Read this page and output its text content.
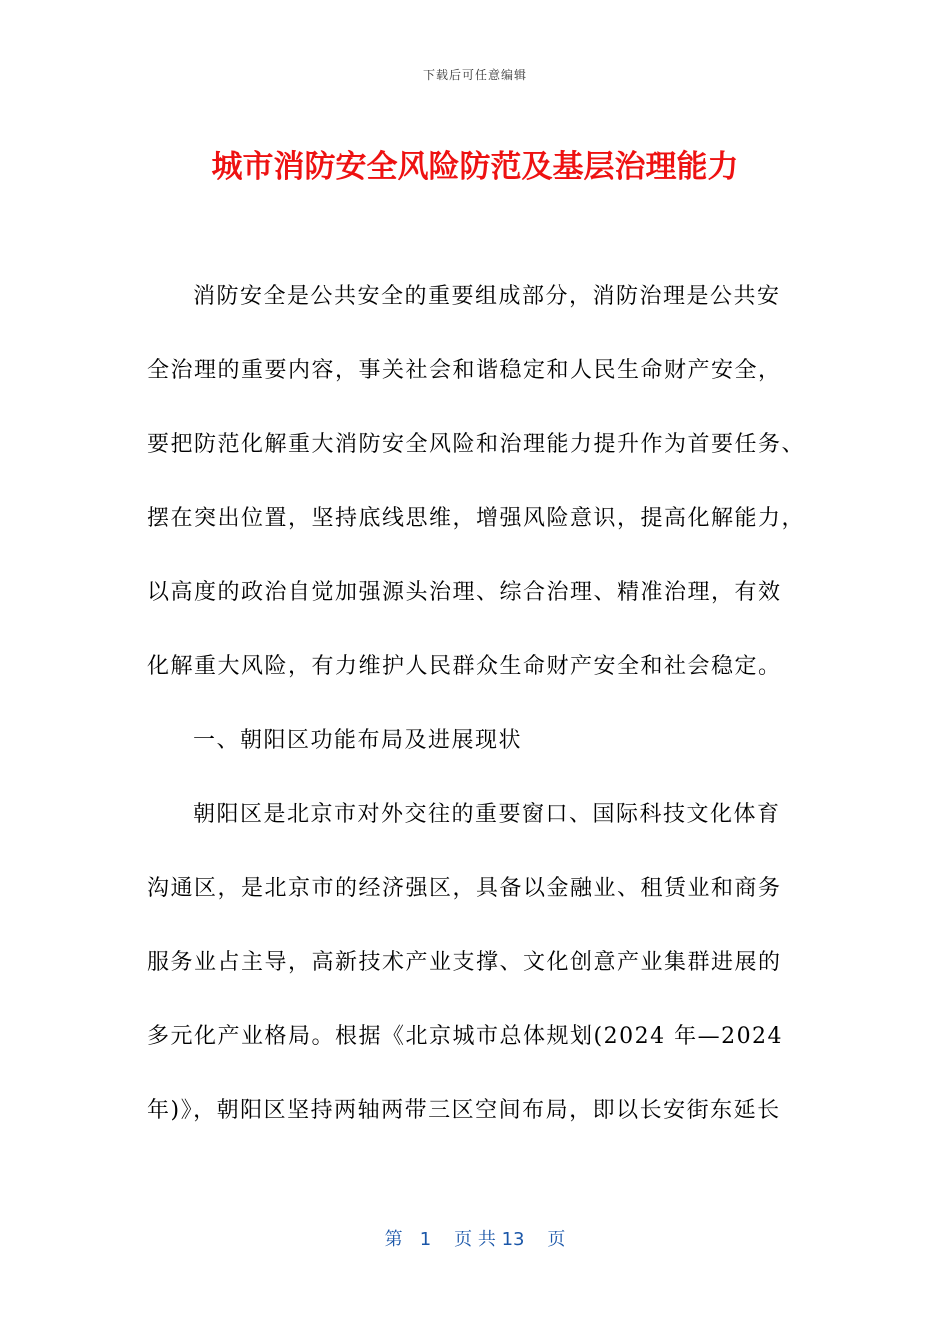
下载后可任意编辑
城市消防安全风险防范及基层治理能力
消防安全是公共安全的重要组成部分，消防治理是公共安
全治理的重要内容，事关社会和谐稳定和人民生命财产安全，
要把防范化解重大消防安全风险和治理能力提升作为首要任务、
摆在突出位置，坚持底线思维，增强风险意识，提高化解能力，
以高度的政治自觉加强源头治理、综合治理、精准治理，有效
化解重大风险，有力维护人民群众生命财产安全和社会稳定。
一、朝阳区功能布局及进展现状
朝阳区是北京市对外交往的重要窗口、国际科技文化体育
沟通区，是北京市的经济强区，具备以金融业、租赁业和商务
服务业占主导，高新技术产业支撑、文化创意产业集群进展的
多元化产业格局。根据《北京城市总体规划(2024 年—2024
年)》，朝阳区坚持两轴两带三区空间布局，即以长安街东延长
第 1 页 共 13 页
